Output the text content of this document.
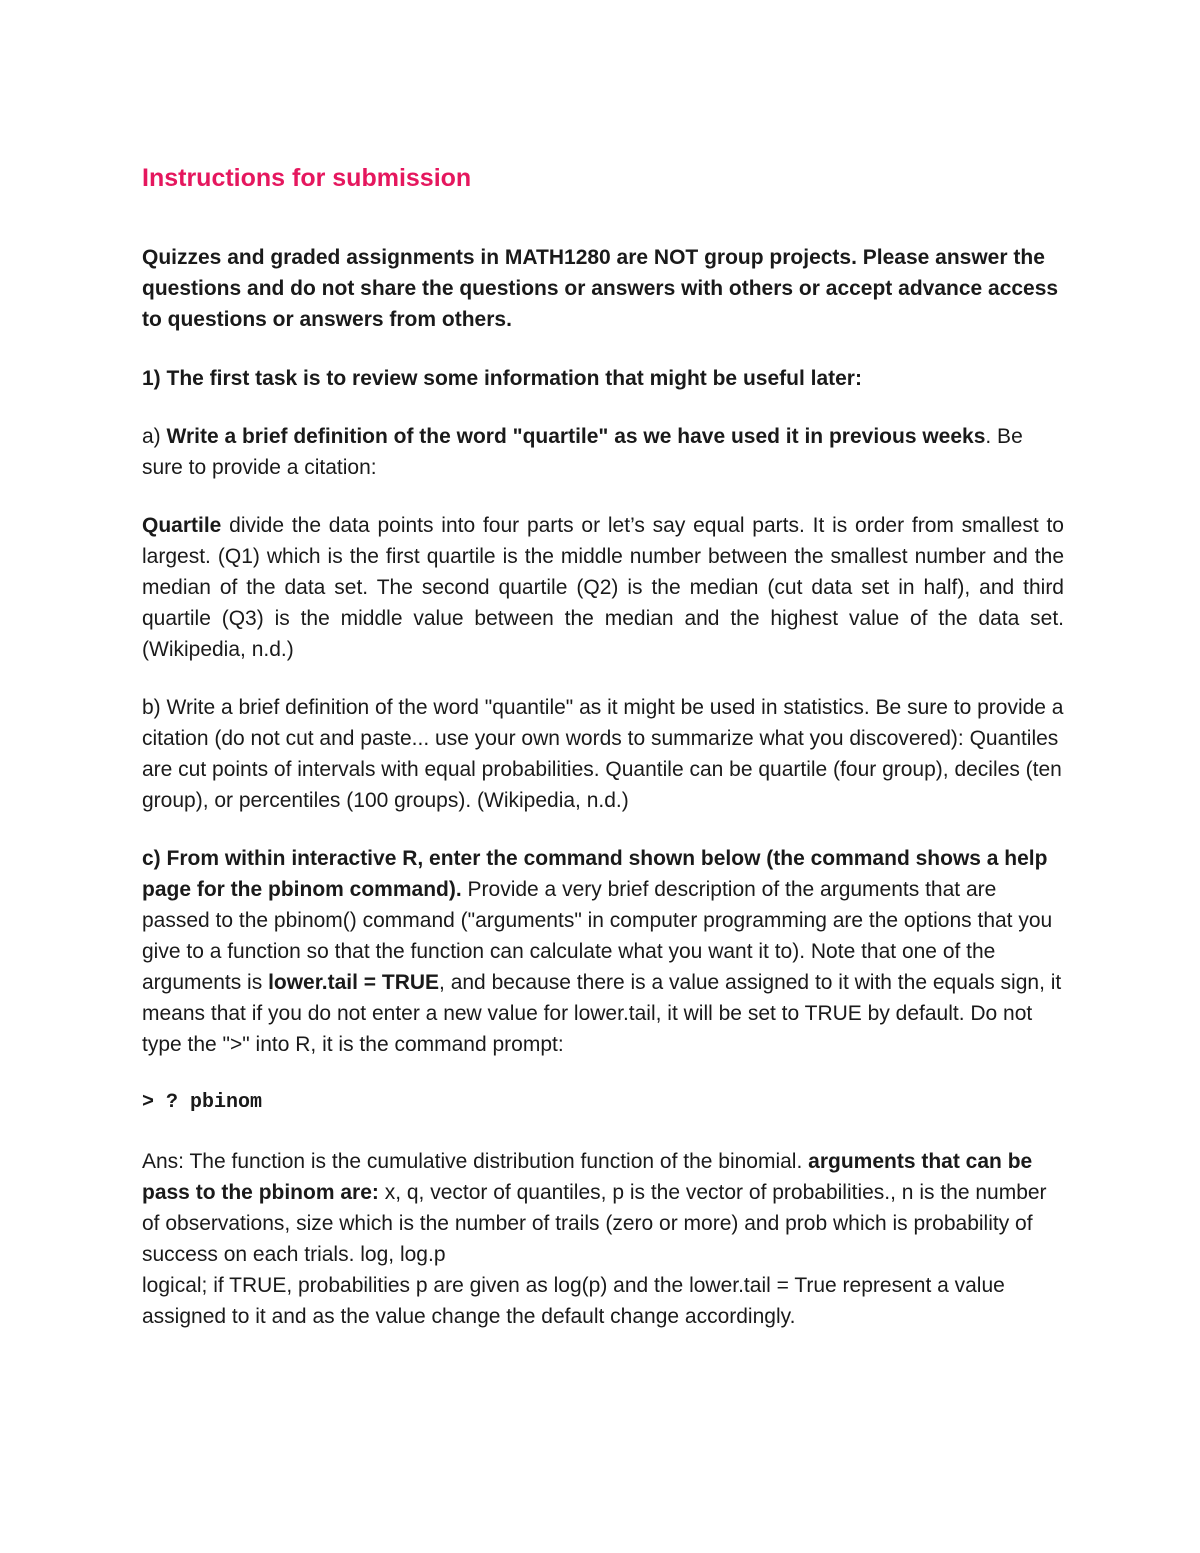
Instructions for submission

Quizzes and graded assignments in MATH1280 are NOT group projects. Please answer the questions and do not share the questions or answers with others or accept advance access to questions or answers from others.

1) The first task is to review some information that might be useful later:

a) Write a brief definition of the word "quartile" as we have used it in previous weeks. Be sure to provide a citation:

Quartile divide the data points into four parts or let’s say equal parts. It is order from smallest to largest. (Q1) which is the first quartile is the middle number between the smallest number and the median of the data set. The second quartile (Q2) is the median (cut data set in half), and third quartile (Q3) is the middle value between the median and the highest value of the data set. (Wikipedia, n.d.)

b) Write a brief definition of the word "quantile" as it might be used in statistics. Be sure to provide a citation (do not cut and paste... use your own words to summarize what you discovered): Quantiles are cut points of intervals with equal probabilities. Quantile can be quartile (four group), deciles (ten group), or percentiles (100 groups). (Wikipedia, n.d.)

c) From within interactive R, enter the command shown below (the command shows a help page for the pbinom command). Provide a very brief description of the arguments that are passed to the pbinom() command ("arguments" in computer programming are the options that you give to a function so that the function can calculate what you want it to). Note that one of the arguments is lower.tail = TRUE, and because there is a value assigned to it with the equals sign, it means that if you do not enter a new value for lower.tail, it will be set to TRUE by default. Do not type the ">" into R, it is the command prompt:

> ? pbinom

Ans: The function is the cumulative distribution function of the binomial. arguments that can be pass to the pbinom are: x, q, vector of quantiles, p is the vector of probabilities., n is the number of observations, size which is the number of trails (zero or more) and prob which is probability of success on each trials. log, log.p

logical; if TRUE, probabilities p are given as log(p) and the lower.tail = True represent a value assigned to it and as the value change the default change accordingly.
